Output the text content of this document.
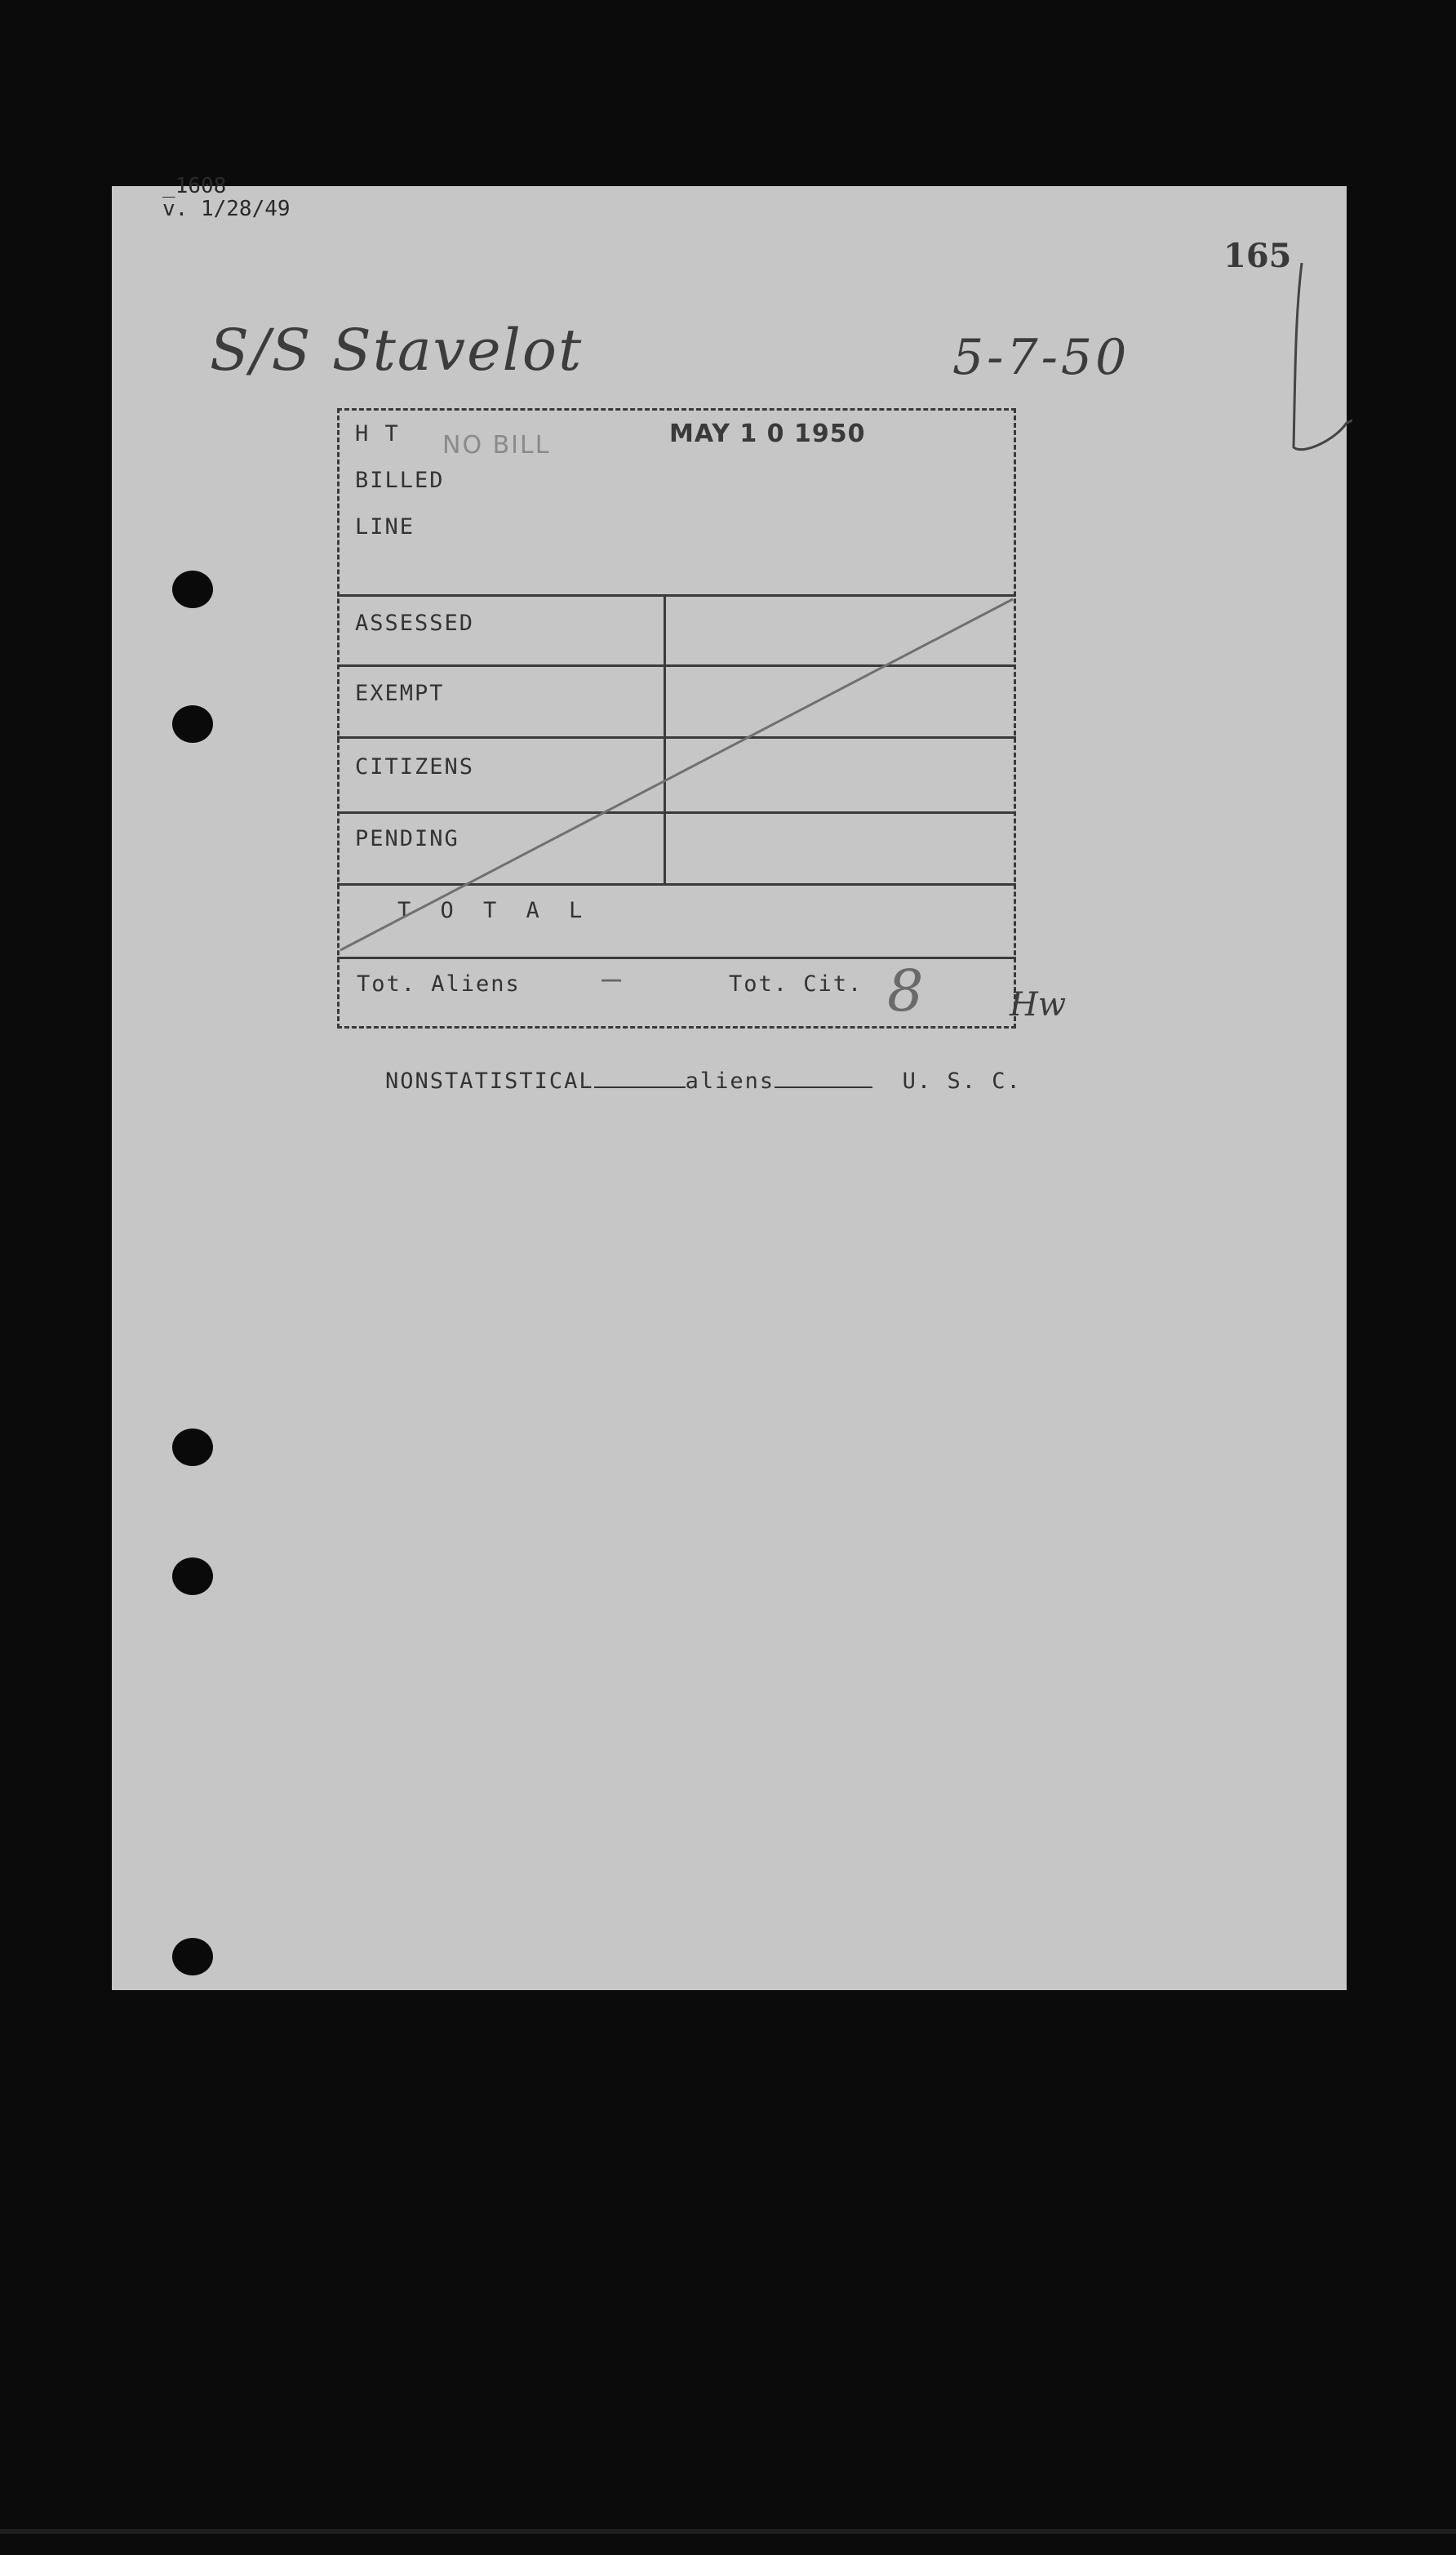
_1608
v. 1/28/49
165
S/S Stavelot	5-7-50
H T
BILLED
LINE
NO BILL	MAY 1 0 1950
ASSESSED
EXEMPT
CITIZENS
PENDING
T O T A L
Tot. Aliens —	Tot. Cit. 8	Hw

NONSTATISTICAL	aliens	U. S. C.
